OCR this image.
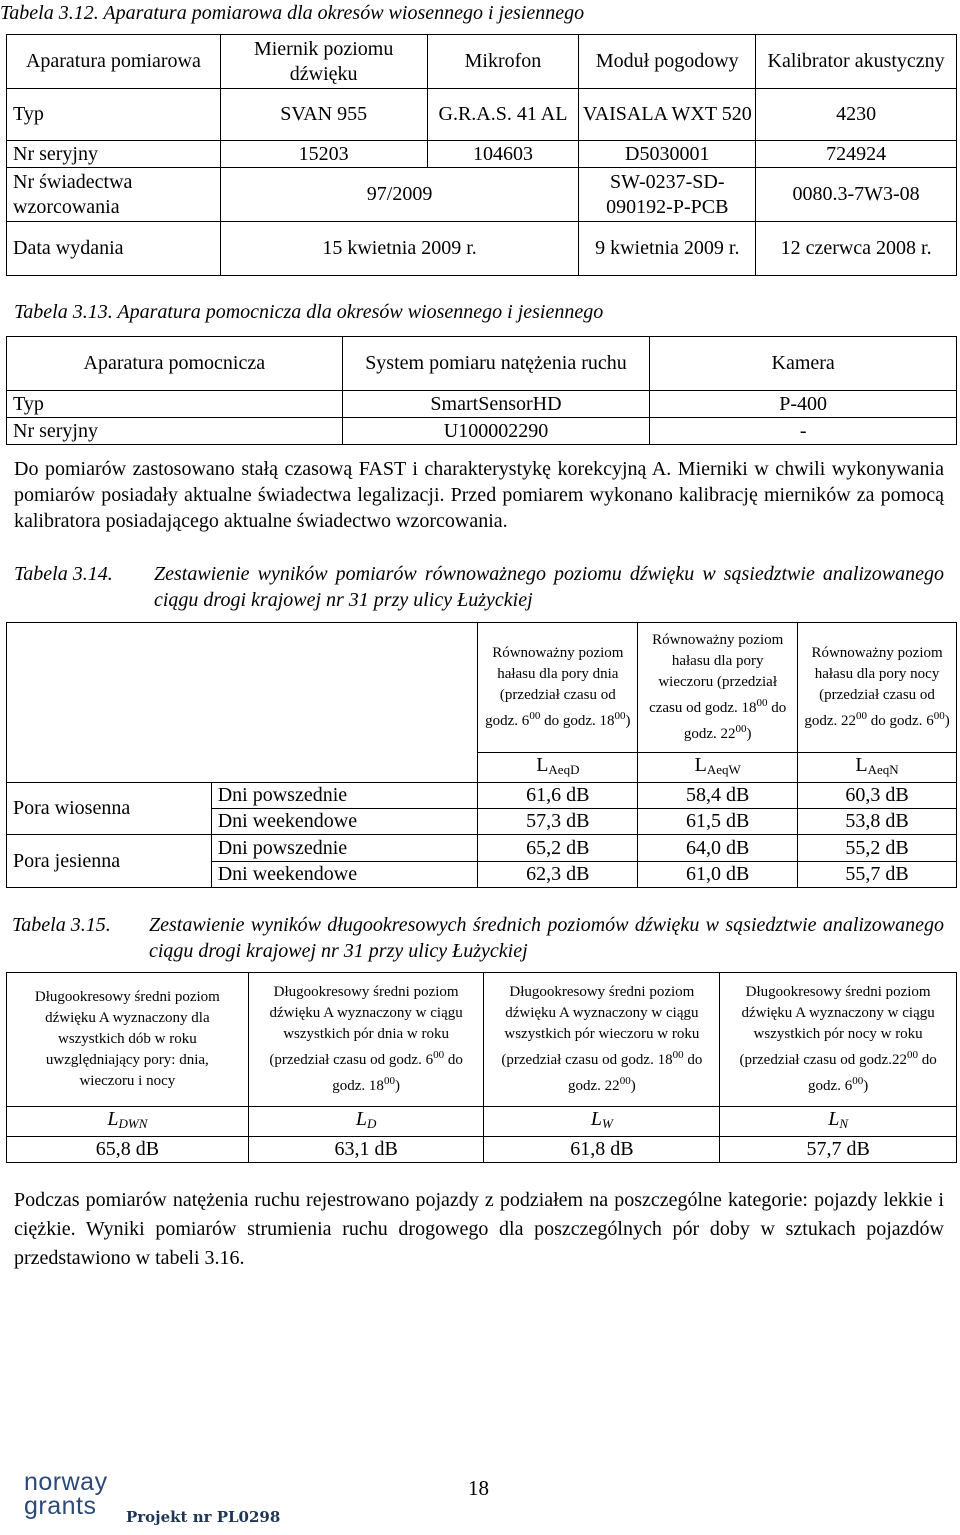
Tabela 3.12. Aparatura pomiarowa dla okresów wiosennego i jesiennego
Aparatura pomiarowa	Miernik poziomu dźwięku	Mikrofon	Moduł pogodowy	Kalibrator akustyczny
Typ	SVAN 955	G.R.A.S. 41 AL	VAISALA WXT 520	4230
Nr seryjny	15203	104603	D5030001	724924
Nr świadectwa wzorcowania	97/2009		SW-0237-SD-090192-P-PCB	0080.3-7W3-08
Data wydania	15 kwietnia 2009 r.		9 kwietnia 2009 r.	12 czerwca 2008 r.
Tabela 3.13. Aparatura pomocnicza dla okresów wiosennego i jesiennego
Aparatura pomocnicza	System pomiaru natężenia ruchu	Kamera
Typ	SmartSensorHD	P-400
Nr seryjny	U100002290	-
Do pomiarów zastosowano stałą czasową FAST i charakterystykę korekcyjną A. Mierniki w chwili wykonywania pomiarów posiadały aktualne świadectwa legalizacji. Przed pomiarem wykonano kalibrację mierników za pomocą kalibratora posiadającego aktualne świadectwo wzorcowania.
Tabela 3.14. Zestawienie wyników pomiarów równoważnego poziomu dźwięku w sąsiedztwie analizowanego ciągu drogi krajowej nr 31 przy ulicy Łużyckiej
		Równoważny poziom hałasu dla pory dnia (przedział czasu od godz. $6^{00}$ do godz. $18^{00}$)	Równoważny poziom hałasu dla pory wieczoru (przedział czasu od godz. $18^{00}$ do godz. $22^{00}$)	Równoważny poziom hałasu dla pory nocy (przedział czasu od godz. $22^{00}$ do godz. $6^{00}$)
		$L_{AeqD}$	$L_{AeqW}$	$L_{AeqN}$
Pora wiosenna	Dni powszednie	61,6 dB	58,4 dB	60,3 dB
	Dni weekendowe	57,3 dB	61,5 dB	53,8 dB
Pora jesienna	Dni powszednie	65,2 dB	64,0 dB	55,2 dB
	Dni weekendowe	62,3 dB	61,0 dB	55,7 dB
Tabela 3.15. Zestawienie wyników długookresowych średnich poziomów dźwięku w sąsiedztwie analizowanego ciągu drogi krajowej nr 31 przy ulicy Łużyckiej
Długookresowy średni poziom dźwięku A wyznaczony dla wszystkich dób w roku uwzględniający pory: dnia, wieczoru i nocy	Długookresowy średni poziom dźwięku A wyznaczony w ciągu wszystkich pór dnia w roku (przedział czasu od godz. $6^{00}$ do godz. $18^{00}$)	Długookresowy średni poziom dźwięku A wyznaczony w ciągu wszystkich pór wieczoru w roku (przedział czasu od godz. $18^{00}$ do godz. $22^{00}$)	Długookresowy średni poziom dźwięku A wyznaczony w ciągu wszystkich pór nocy w roku (przedział czasu od $godz.22^{00}$ do godz. $6^{00}$)
$L_{DWN}$	$L_D$	$L_W$	$L_N$
65,8 dB	63,1 dB	61,8 dB	57,7 dB
Podczas pomiarów natężenia ruchu rejestrowano pojazdy z podziałem na poszczególne kategorie: pojazdy lekkie i ciężkie. Wyniki pomiarów strumienia ruchu drogowego dla poszczególnych pór doby w sztukach pojazdów przedstawiono w tabeli 3.16.
18
norway
grants Projekt nr PL0298
